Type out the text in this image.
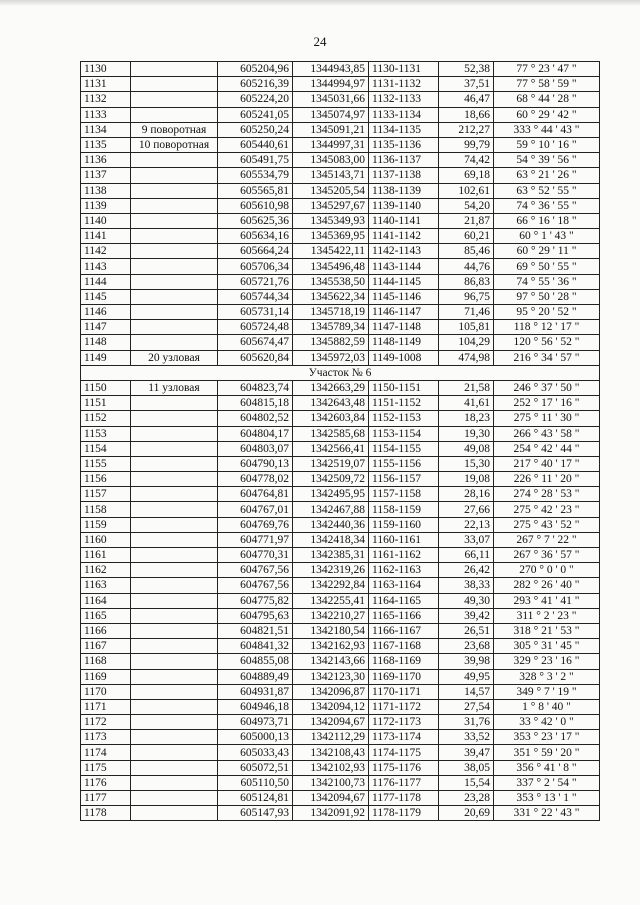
24
1130		605204,96	1344943,85	1130-1131	52,38	77 ° 23 ' 47 "
1131		605216,39	1344994,97	1131-1132	37,51	77 ° 58 ' 59 "
1132		605224,20	1345031,66	1132-1133	46,47	68 ° 44 ' 28 "
1133		605241,05	1345074,97	1133-1134	18,66	60 ° 29 ' 42 "
1134	9 поворотная	605250,24	1345091,21	1134-1135	212,27	333 ° 44 ' 43 "
1135	10 поворотная	605440,61	1344997,31	1135-1136	99,79	59 ° 10 ' 16 "
1136		605491,75	1345083,00	1136-1137	74,42	54 ° 39 ' 56 "
1137		605534,79	1345143,71	1137-1138	69,18	63 ° 21 ' 26 "
1138		605565,81	1345205,54	1138-1139	102,61	63 ° 52 ' 55 "
1139		605610,98	1345297,67	1139-1140	54,20	74 ° 36 ' 55 "
1140		605625,36	1345349,93	1140-1141	21,87	66 ° 16 ' 18 "
1141		605634,16	1345369,95	1141-1142	60,21	60 ° 1 ' 43 "
1142		605664,24	1345422,11	1142-1143	85,46	60 ° 29 ' 11 "
1143		605706,34	1345496,48	1143-1144	44,76	69 ° 50 ' 55 "
1144		605721,76	1345538,50	1144-1145	86,83	74 ° 55 ' 36 "
1145		605744,34	1345622,34	1145-1146	96,75	97 ° 50 ' 28 "
1146		605731,14	1345718,19	1146-1147	71,46	95 ° 20 ' 52 "
1147		605724,48	1345789,34	1147-1148	105,81	118 ° 12 ' 17 "
1148		605674,47	1345882,59	1148-1149	104,29	120 ° 56 ' 52 "
1149	20 узловая	605620,84	1345972,03	1149-1008	474,98	216 ° 34 ' 57 "
Участок № 6						
1150	11 узловая	604823,74	1342663,29	1150-1151	21,58	246 ° 37 ' 50 "
1151		604815,18	1342643,48	1151-1152	41,61	252 ° 17 ' 16 "
1152		604802,52	1342603,84	1152-1153	18,23	275 ° 11 ' 30 "
1153		604804,17	1342585,68	1153-1154	19,30	266 ° 43 ' 58 "
1154		604803,07	1342566,41	1154-1155	49,08	254 ° 42 ' 44 "
1155		604790,13	1342519,07	1155-1156	15,30	217 ° 40 ' 17 "
1156		604778,02	1342509,72	1156-1157	19,08	226 ° 11 ' 20 "
1157		604764,81	1342495,95	1157-1158	28,16	274 ° 28 ' 53 "
1158		604767,01	1342467,88	1158-1159	27,66	275 ° 42 ' 23 "
1159		604769,76	1342440,36	1159-1160	22,13	275 ° 43 ' 52 "
1160		604771,97	1342418,34	1160-1161	33,07	267 ° 7 ' 22 "
1161		604770,31	1342385,31	1161-1162	66,11	267 ° 36 ' 57 "
1162		604767,56	1342319,26	1162-1163	26,42	270 ° 0 ' 0 "
1163		604767,56	1342292,84	1163-1164	38,33	282 ° 26 ' 40 "
1164		604775,82	1342255,41	1164-1165	49,30	293 ° 41 ' 41 "
1165		604795,63	1342210,27	1165-1166	39,42	311 ° 2 ' 23 "
1166		604821,51	1342180,54	1166-1167	26,51	318 ° 21 ' 53 "
1167		604841,32	1342162,93	1167-1168	23,68	305 ° 31 ' 45 "
1168		604855,08	1342143,66	1168-1169	39,98	329 ° 23 ' 16 "
1169		604889,49	1342123,30	1169-1170	49,95	328 ° 3 ' 2 "
1170		604931,87	1342096,87	1170-1171	14,57	349 ° 7 ' 19 "
1171		604946,18	1342094,12	1171-1172	27,54	1 ° 8 ' 40 "
1172		604973,71	1342094,67	1172-1173	31,76	33 ° 42 ' 0 "
1173		605000,13	1342112,29	1173-1174	33,52	353 ° 23 ' 17 "
1174		605033,43	1342108,43	1174-1175	39,47	351 ° 59 ' 20 "
1175		605072,51	1342102,93	1175-1176	38,05	356 ° 41 ' 8 "
1176		605110,50	1342100,73	1176-1177	15,54	337 ° 2 ' 54 "
1177		605124,81	1342094,67	1177-1178	23,28	353 ° 13 ' 1 "
1178		605147,93	1342091,92	1178-1179	20,69	331 ° 22 ' 43 "
